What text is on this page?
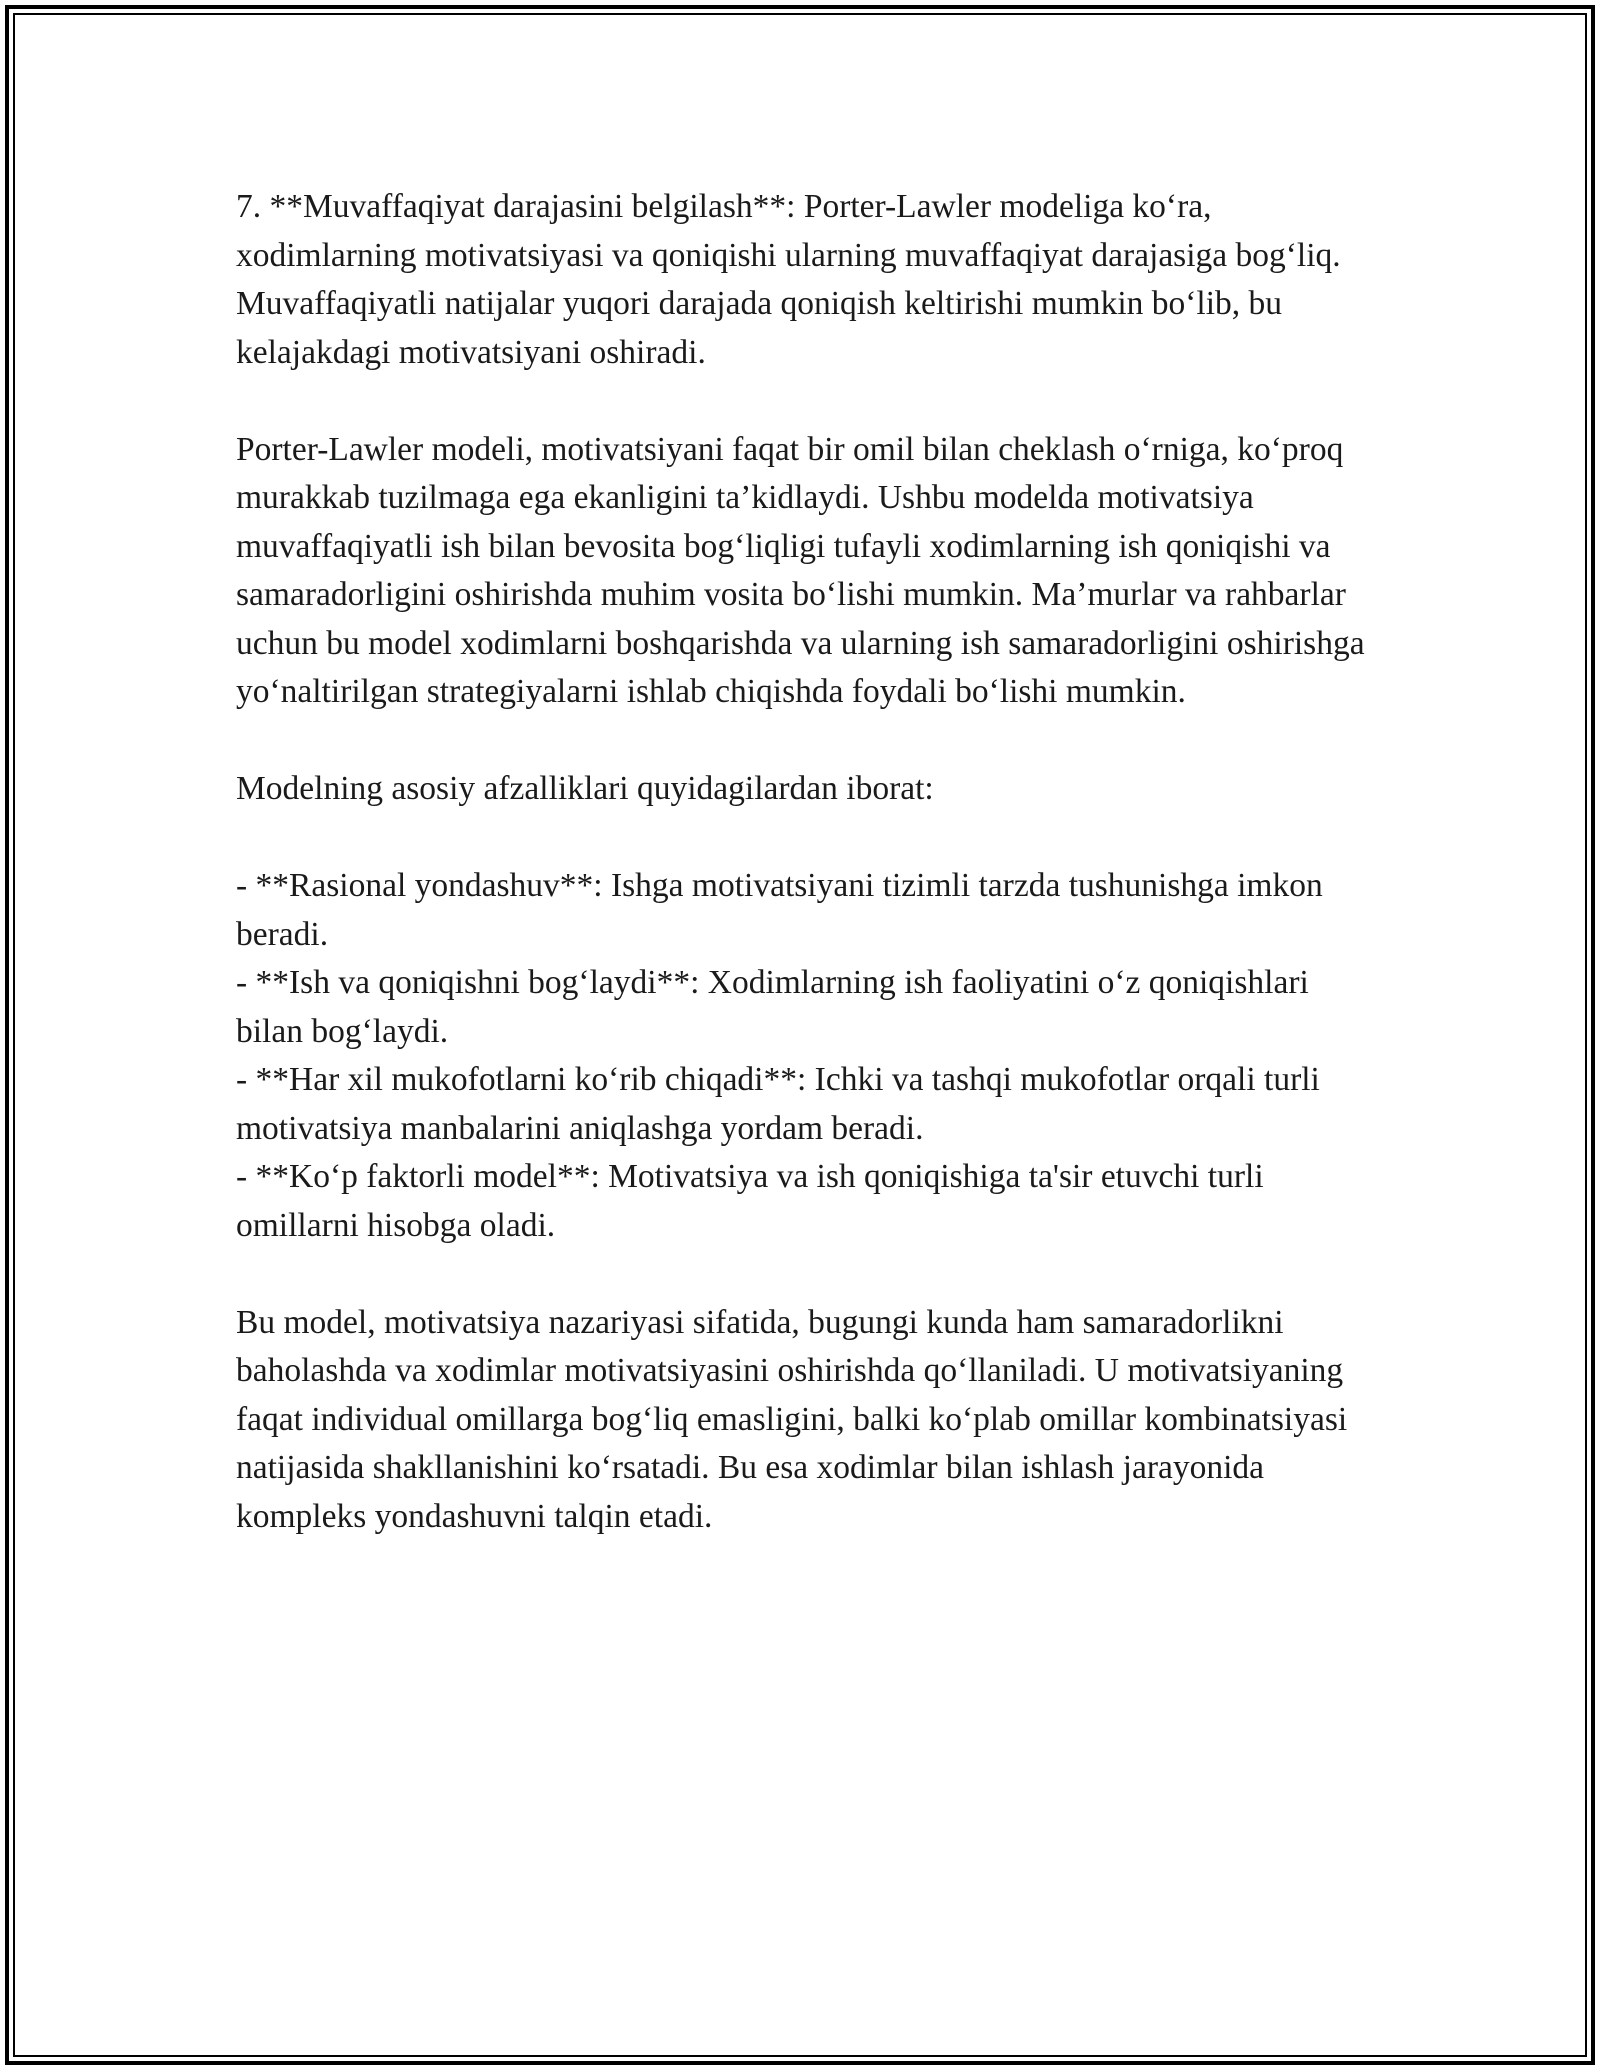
7. **Muvaffaqiyat darajasini belgilash**: Porter-Lawler modeliga ko‘ra, xodimlarning motivatsiyasi va qoniqishi ularning muvaffaqiyat darajasiga bog‘liq. Muvaffaqiyatli natijalar yuqori darajada qoniqish keltirishi mumkin bo‘lib, bu kelajakdagi motivatsiyani oshiradi.

Porter-Lawler modeli, motivatsiyani faqat bir omil bilan cheklash o‘rniga, ko‘proq murakkab tuzilmaga ega ekanligini ta’kidlaydi. Ushbu modelda motivatsiya muvaffaqiyatli ish bilan bevosita bog‘liqligi tufayli xodimlarning ish qoniqishi va samaradorligini oshirishda muhim vosita bo‘lishi mumkin. Ma’murlar va rahbarlar uchun bu model xodimlarni boshqarishda va ularning ish samaradorligini oshirishga yo‘naltirilgan strategiyalarni ishlab chiqishda foydali bo‘lishi mumkin.

Modelning asosiy afzalliklari quyidagilardan iborat:

- **Rasional yondashuv**: Ishga motivatsiyani tizimli tarzda tushunishga imkon beradi.

- **Ish va qoniqishni bog‘laydi**: Xodimlarning ish faoliyatini o‘z qoniqishlari bilan bog‘laydi.

- **Har xil mukofotlarni ko‘rib chiqadi**: Ichki va tashqi mukofotlar orqali turli motivatsiya manbalarini aniqlashga yordam beradi.

- **Ko‘p faktorli model**: Motivatsiya va ish qoniqishiga ta'sir etuvchi turli omillarni hisobga oladi.

Bu model, motivatsiya nazariyasi sifatida, bugungi kunda ham samaradorlikni baholashda va xodimlar motivatsiyasini oshirishda qo‘llaniladi. U motivatsiyaning faqat individual omillarga bog‘liq emasligini, balki ko‘plab omillar kombinatsiyasi natijasida shakllanishini ko‘rsatadi. Bu esa xodimlar bilan ishlash jarayonida kompleks yondashuvni talqin etadi.
